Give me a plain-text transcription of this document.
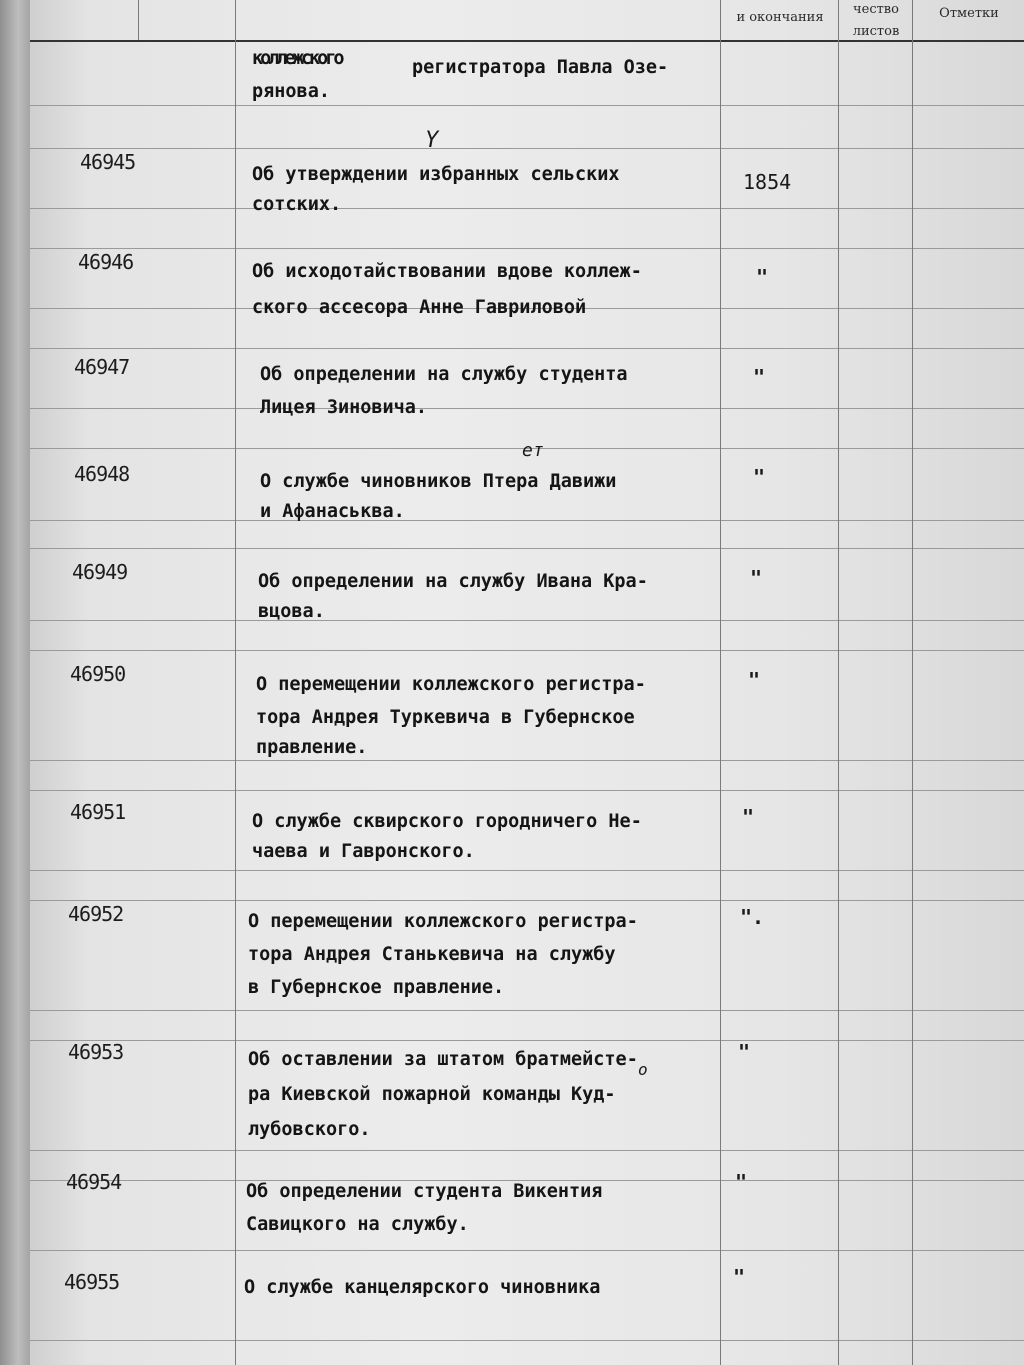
и окончания
чество
листов
Отметки
коллежского	регистратора Павла Озе-
рянова.
46945
Об утверждении избранных сельских
сотских.
1854
Y
46946	Об исходотайствовании вдове коллеж-
ского ассесора Анне Гавриловой
"
46947	Об определении на службу студента
Лицея Зиновича.
"
46948	О службе чиновников Птера Давижи
и Афанаськва.
"
ет
46949	Об определении на службу Ивана Кра-
вцова.
"
46950	О перемещении коллежского регистра-
тора Андрея Туркевича в Губернское
правление.
"
46951	О службе сквирского городничего Не-
чаева и Гавронского.
"
46952	О перемещении коллежского регистра-
тора Андрея Станькевича на службу
в Губернское правление.
".
46953	Об оставлении за штатом братмейсте-
ра Киевской пожарной команды Куд-
лубовского.
"
о
46954	Об определении студента Викентия
Савицкого на службу.
"
46955	О службе канцелярского чиновника	"
